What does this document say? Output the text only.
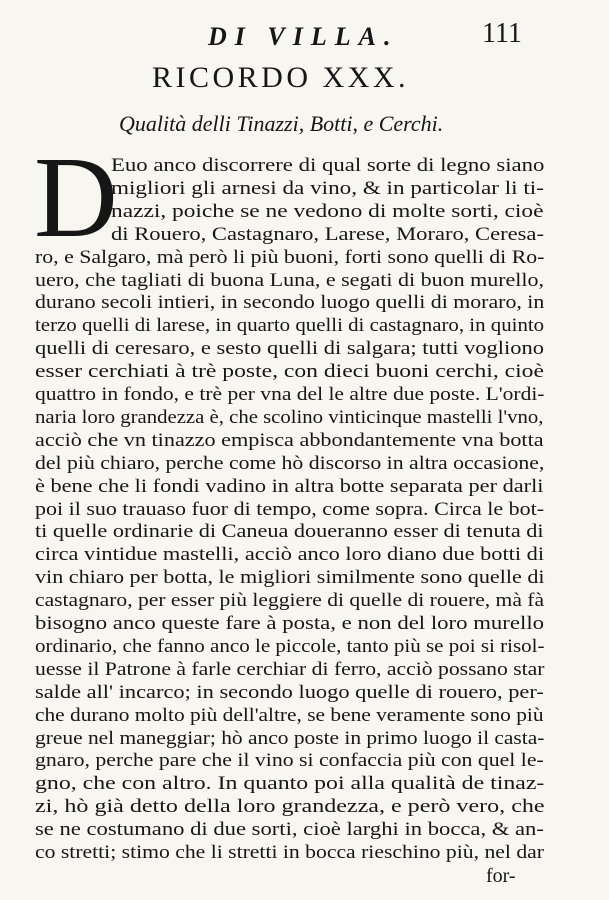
DI VILLA.	111
RICORDO XXX.
Qualità delli Tinazzi, Botti, e Cerchi.
D
Euo anco discorrere di qual sorte di legno siano
migliori gli arnesi da vino, & in particolar li ti-
nazzi, poiche se ne vedono di molte sorti, cioè
di Rouero, Castagnaro, Larese, Moraro, Ceresa-
ro, e Salgaro, mà però li più buoni, forti sono quelli di Ro-
uero, che tagliati di buona Luna, e segati di buon murello,
durano secoli intieri, in secondo luogo quelli di moraro, in
terzo quelli di larese, in quarto quelli di castagnaro, in quinto
quelli di ceresaro, e sesto quelli di salgara; tutti vogliono
esser cerchiati à trè poste, con dieci buoni cerchi, cioè
quattro in fondo, e trè per vna del le altre due poste. L'ordi-
naria loro grandezza è, che scolino vinticinque mastelli l'vno,
acciò che vn tinazzo empisca abbondantemente vna botta
del più chiaro, perche come hò discorso in altra occasione,
è bene che li fondi vadino in altra botte separata per darli
poi il suo trauaso fuor di tempo, come sopra. Circa le bot-
ti quelle ordinarie di Caneua doueranno esser di tenuta di
circa vintidue mastelli, acciò anco loro diano due botti di
vin chiaro per botta, le migliori similmente sono quelle di
castagnaro, per esser più leggiere di quelle di rouere, mà fà
bisogno anco queste fare à posta, e non del loro murello
ordinario, che fanno anco le piccole, tanto più se poi si risol-
uesse il Patrone à farle cerchiar di ferro, acciò possano star
salde all' incarco; in secondo luogo quelle di rouero, per-
che durano molto più dell'altre, se bene veramente sono più
greue nel maneggiar; hò anco poste in primo luogo il casta-
gnaro, perche pare che il vino si confaccia più con quel le-
gno, che con altro. In quanto poi alla qualità de tinaz-
zi, hò già detto della loro grandezza, e però vero, che
se ne costumano di due sorti, cioè larghi in bocca, & an-
co stretti; stimo che li stretti in bocca rieschino più, nel dar
for-
